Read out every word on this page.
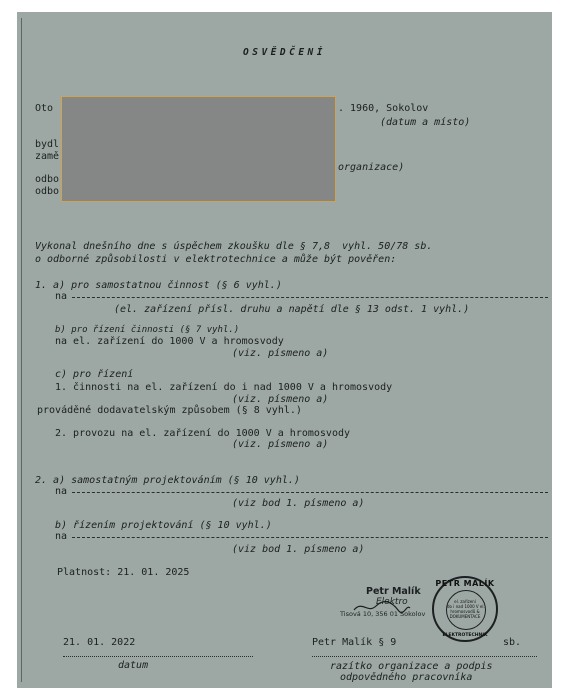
OSVĚDČENÍ
Oto	. 1960, Sokolov
(datum a místo)
bydl
zamě
organizace)
odbo
odbo
Vykonal dnešního dne s úspěchem zkoušku dle § 7,8  vyhl. 50/78 sb.
o odborné způsobilosti v elektrotechnice a může být pověřen:
1. a) pro samostatnou činnost (§ 6 vyhl.)
na
(el. zařízení přísl. druhu a napětí dle § 13 odst. 1 vyhl.)
b) pro řízení činnosti (§ 7 vyhl.)
na el. zařízení do 1000 V a hromosvody
(viz. písmeno a)
c) pro řízení
1. činnosti na el. zařízení do i nad 1000 V a hromosvody
(viz. písmeno a)
prováděné dodavatelským způsobem (§ 8 vyhl.)
2. provozu na el. zařízení do 1000 V a hromosvody
(viz. písmeno a)
2. a) samostatným projektováním (§ 10 vyhl.)
na
(viz bod 1. písmeno a)
b) řízením projektování (§ 10 vyhl.)
na
(viz bod 1. písmeno a)
Platnost: 21. 01. 2025
Petr Malík
Elektro
Tisová 10, 356 01 Sokolov
PETR MALÍK
el. zařízení
do i nad 1000 V el.
hromosvodů &
DOKUMENTACE
ELEKTROTECHNIK
21. 01. 2022
datum
Petr Malík § 9	sb.
razítko organizace a podpis
odpovědného pracovníka
